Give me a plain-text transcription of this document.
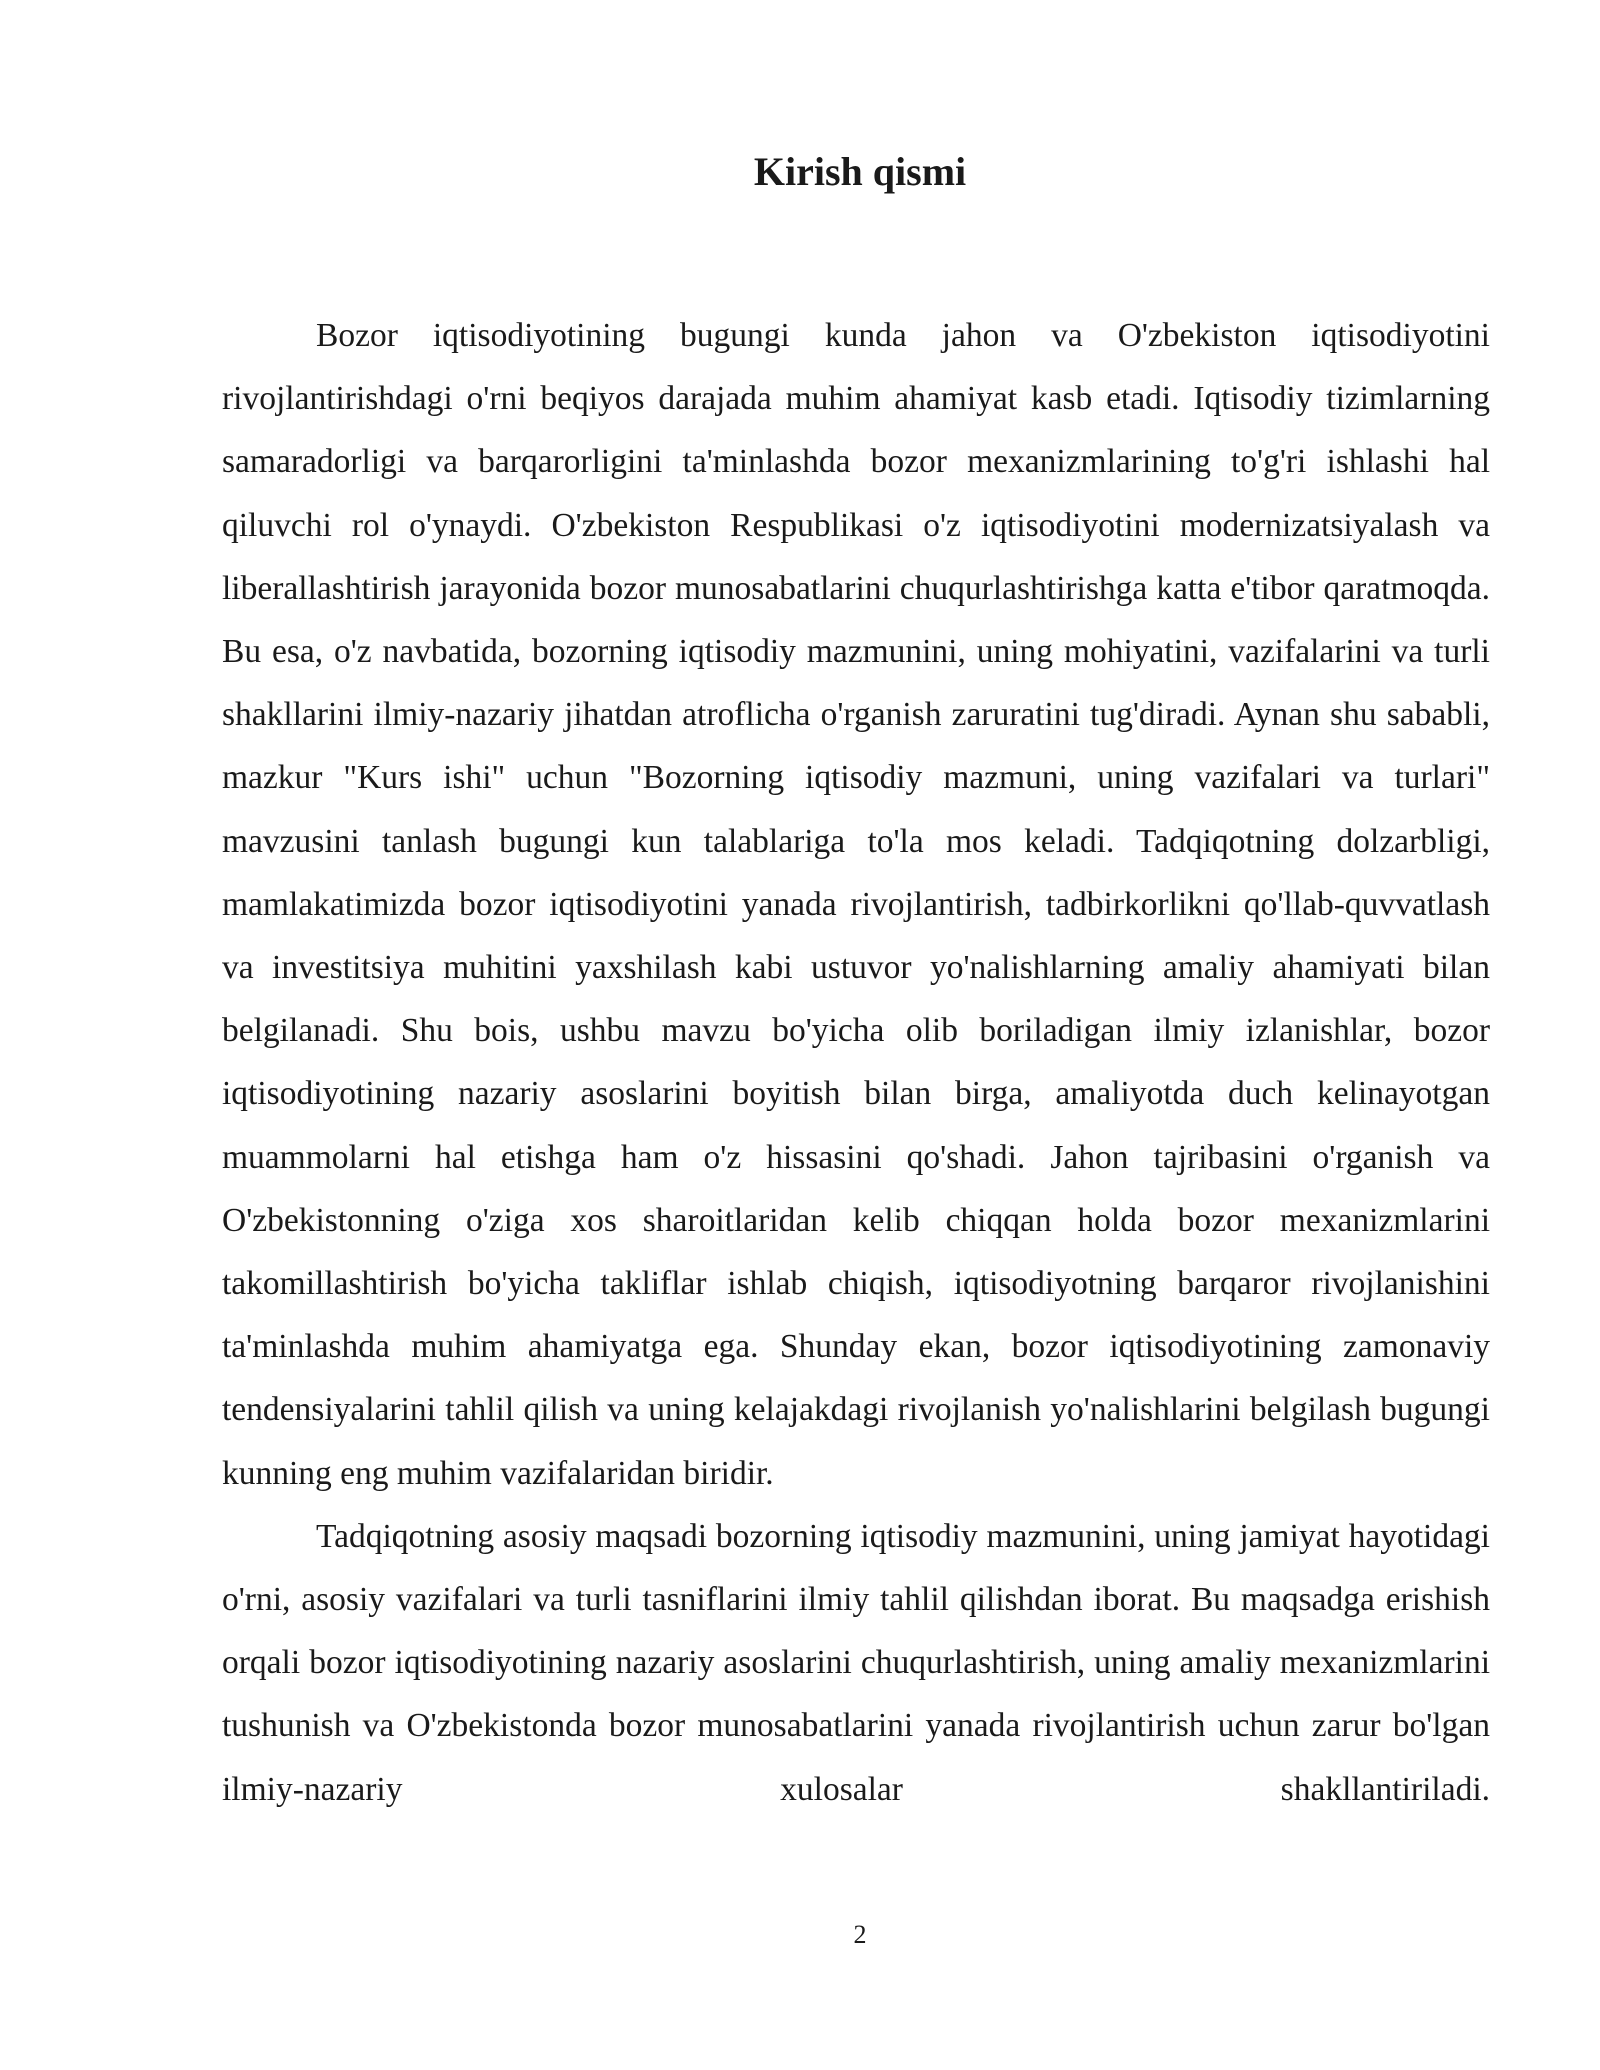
Kirish qismi

Bozor iqtisodiyotining bugungi kunda jahon va O'zbekiston iqtisodiyotini rivojlantirishdagi o'rni beqiyos darajada muhim ahamiyat kasb etadi. Iqtisodiy tizimlarning samaradorligi va barqarorligini ta'minlashda bozor mexanizmlarining to'g'ri ishlashi hal qiluvchi rol o'ynaydi. O'zbekiston Respublikasi o'z iqtisodiyotini modernizatsiyalash va liberallashtirish jarayonida bozor munosabatlarini chuqurlashtirishga katta e'tibor qaratmoqda. Bu esa, o'z navbatida, bozorning iqtisodiy mazmunini, uning mohiyatini, vazifalarini va turli shakllarini ilmiy-nazariy jihatdan atroflicha o'rganish zaruratini tug'diradi. Aynan shu sababli, mazkur "Kurs ishi" uchun "Bozorning iqtisodiy mazmuni, uning vazifalari va turlari" mavzusini tanlash bugungi kun talablariga to'la mos keladi. Tadqiqotning dolzarbligi, mamlakatimizda bozor iqtisodiyotini yanada rivojlantirish, tadbirkorlikni qo'llab-quvvatlash va investitsiya muhitini yaxshilash kabi ustuvor yo'nalishlarning amaliy ahamiyati bilan belgilanadi. Shu bois, ushbu mavzu bo'yicha olib boriladigan ilmiy izlanishlar, bozor iqtisodiyotining nazariy asoslarini boyitish bilan birga, amaliyotda duch kelinayotgan muammolarni hal etishga ham o'z hissasini qo'shadi. Jahon tajribasini o'rganish va O'zbekistonning o'ziga xos sharoitlaridan kelib chiqqan holda bozor mexanizmlarini takomillashtirish bo'yicha takliflar ishlab chiqish, iqtisodiyotning barqaror rivojlanishini ta'minlashda muhim ahamiyatga ega. Shunday ekan, bozor iqtisodiyotining zamonaviy tendensiyalarini tahlil qilish va uning kelajakdagi rivojlanish yo'nalishlarini belgilash bugungi kunning eng muhim vazifalaridan biridir.

Tadqiqotning asosiy maqsadi bozorning iqtisodiy mazmunini, uning jamiyat hayotidagi o'rni, asosiy vazifalari va turli tasniflarini ilmiy tahlil qilishdan iborat. Bu maqsadga erishish orqali bozor iqtisodiyotining nazariy asoslarini chuqurlashtirish, uning amaliy mexanizmlarini tushunish va O'zbekistonda bozor munosabatlarini yanada rivojlantirish uchun zarur bo'lgan ilmiy-nazariy xulosalar shakllantiriladi.

2
